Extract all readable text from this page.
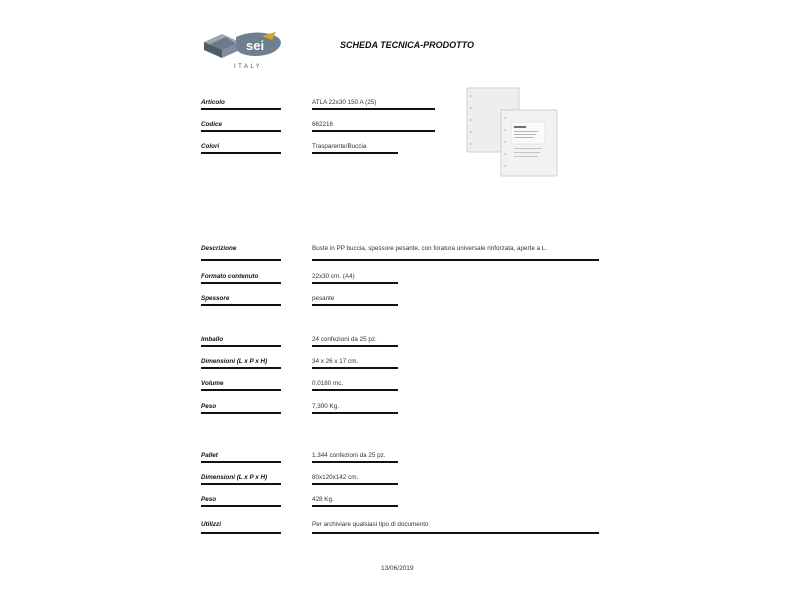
sei
ITALY
SCHEDA TECNICA-PRODOTTO
Articolo	ATLA 22x30 150 A (25)
Codice	662216
Colori	Trasparente/Buccia
Descrizione	Buste in PP buccia, spessore pesante, con foratura universale rinforzata, aperte a L.
Formato contenuto	22x30 cm. (A4)
Spessore	pesante
Imballo	24 confezioni da 25 pz.
Dimensioni (L x P x H)	34 x 26 x 17 cm.
Volume	0,0180 mc.
Peso	7,300 Kg.
Pallet	1.344 confezioni da 25 pz.
Dimensioni (L x P x H)	80x120x142 cm.
Peso	428 Kg.
Utilizzi	Per archiviare qualsiasi tipo di documento
13/06/2019
